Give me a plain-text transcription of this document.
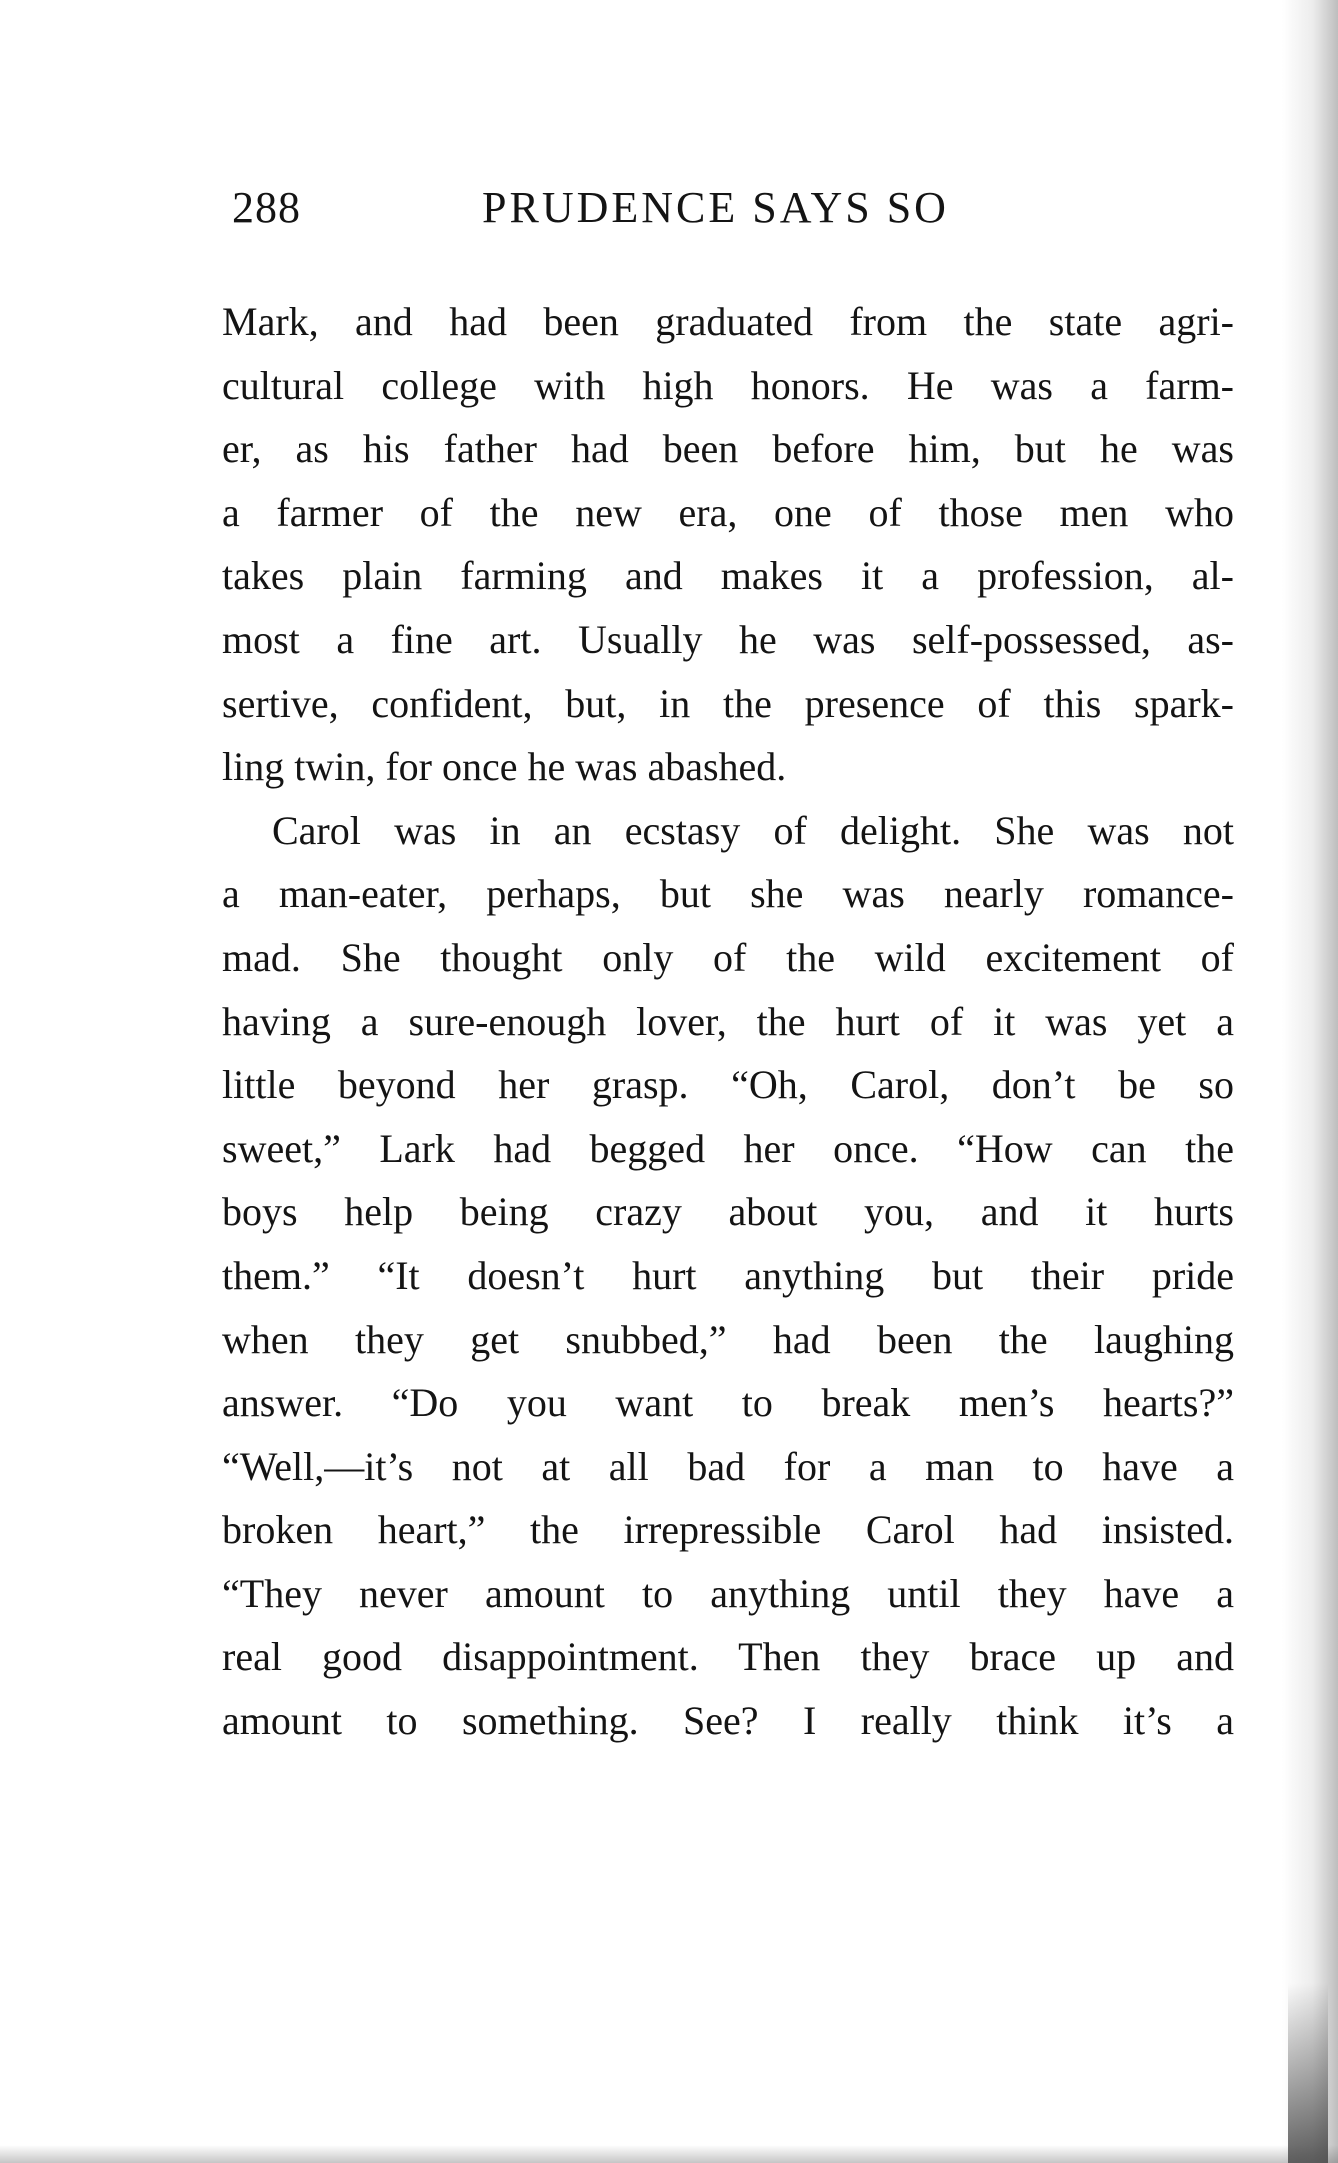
288	PRUDENCE SAYS SO
Mark, and had been graduated from the state agri-
cultural college with high honors. He was a farm-
er, as his father had been before him, but he was
a farmer of the new era, one of those men who
takes plain farming and makes it a profession, al-
most a fine art. Usually he was self-possessed, as-
sertive, confident, but, in the presence of this spark-
ling twin, for once he was abashed.
Carol was in an ecstasy of delight. She was not
a man-eater, perhaps, but she was nearly romance-
mad. She thought only of the wild excitement of
having a sure-enough lover, the hurt of it was yet a
little beyond her grasp. “Oh, Carol, don’t be so
sweet,” Lark had begged her once. “How can the
boys help being crazy about you, and it hurts
them.” “It doesn’t hurt anything but their pride
when they get snubbed,” had been the laughing
answer. “Do you want to break men’s hearts?”
“Well,—it’s not at all bad for a man to have a
broken heart,” the irrepressible Carol had insisted.
“They never amount to anything until they have a
real good disappointment. Then they brace up and
amount to something. See? I really think it’s a
